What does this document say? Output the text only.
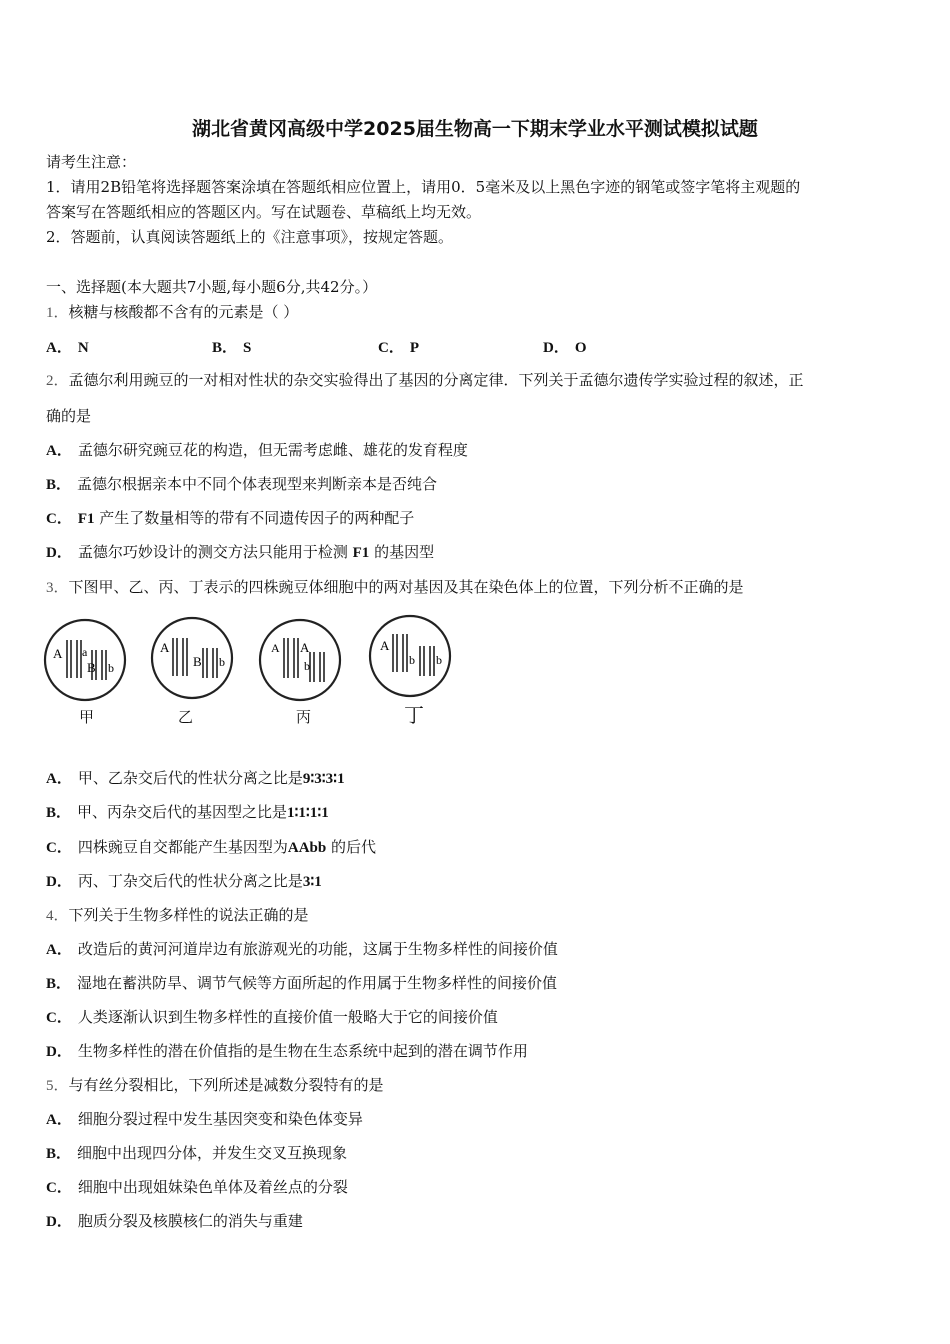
湖北省黄冈高级中学2025届生物高一下期末学业水平测试模拟试题
请考生注意：
1．请用2B铅笔将选择题答案涂填在答题纸相应位置上，请用0．5毫米及以上黑色字迹的钢笔或签字笔将主观题的
答案写在答题纸相应的答题区内。写在试题卷、草稿纸上均无效。
2．答题前，认真阅读答题纸上的《注意事项》，按规定答题。
一、选择题(本大题共7小题,每小题6分,共42分。）
1．核糖与核酸都不含有的元素是（ ）
A． N	B． S	C． P	D． O
2．孟德尔利用豌豆的一对相对性状的杂交实验得出了基因的分离定律．下列关于孟德尔遗传学实验过程的叙述，正
确的是
A． 孟德尔研究豌豆花的构造，但无需考虑雌、雄花的发育程度
B． 孟德尔根据亲本中不同个体表现型来判断亲本是否纯合
C． F1 产生了数量相等的带有不同遗传因子的两种配子
D． 孟德尔巧妙设计的测交方法只能用于检测 F1 的基因型
3．下图甲、乙、丙、丁表示的四株豌豆体细胞中的两对基因及其在染色体上的位置，下列分析不正确的是
A a
B b
A
B b
A A
b
A
b b
甲	乙	丙	丁
A． 甲、乙杂交后代的性状分离之比是9∶3∶3∶1
B． 甲、丙杂交后代的基因型之比是1∶1∶1∶1
C． 四株豌豆自交都能产生基因型为AAbb 的后代
D． 丙、丁杂交后代的性状分离之比是3∶1
4．下列关于生物多样性的说法正确的是
A． 改造后的黄河河道岸边有旅游观光的功能，这属于生物多样性的间接价值
B． 湿地在蓄洪防旱、调节气候等方面所起的作用属于生物多样性的间接价值
C． 人类逐渐认识到生物多样性的直接价值一般略大于它的间接价值
D． 生物多样性的潜在价值指的是生物在生态系统中起到的潜在调节作用
5．与有丝分裂相比，下列所述是减数分裂特有的是
A． 细胞分裂过程中发生基因突变和染色体变异
B． 细胞中出现四分体，并发生交叉互换现象
C． 细胞中出现姐妹染色单体及着丝点的分裂
D． 胞质分裂及核膜核仁的消失与重建
